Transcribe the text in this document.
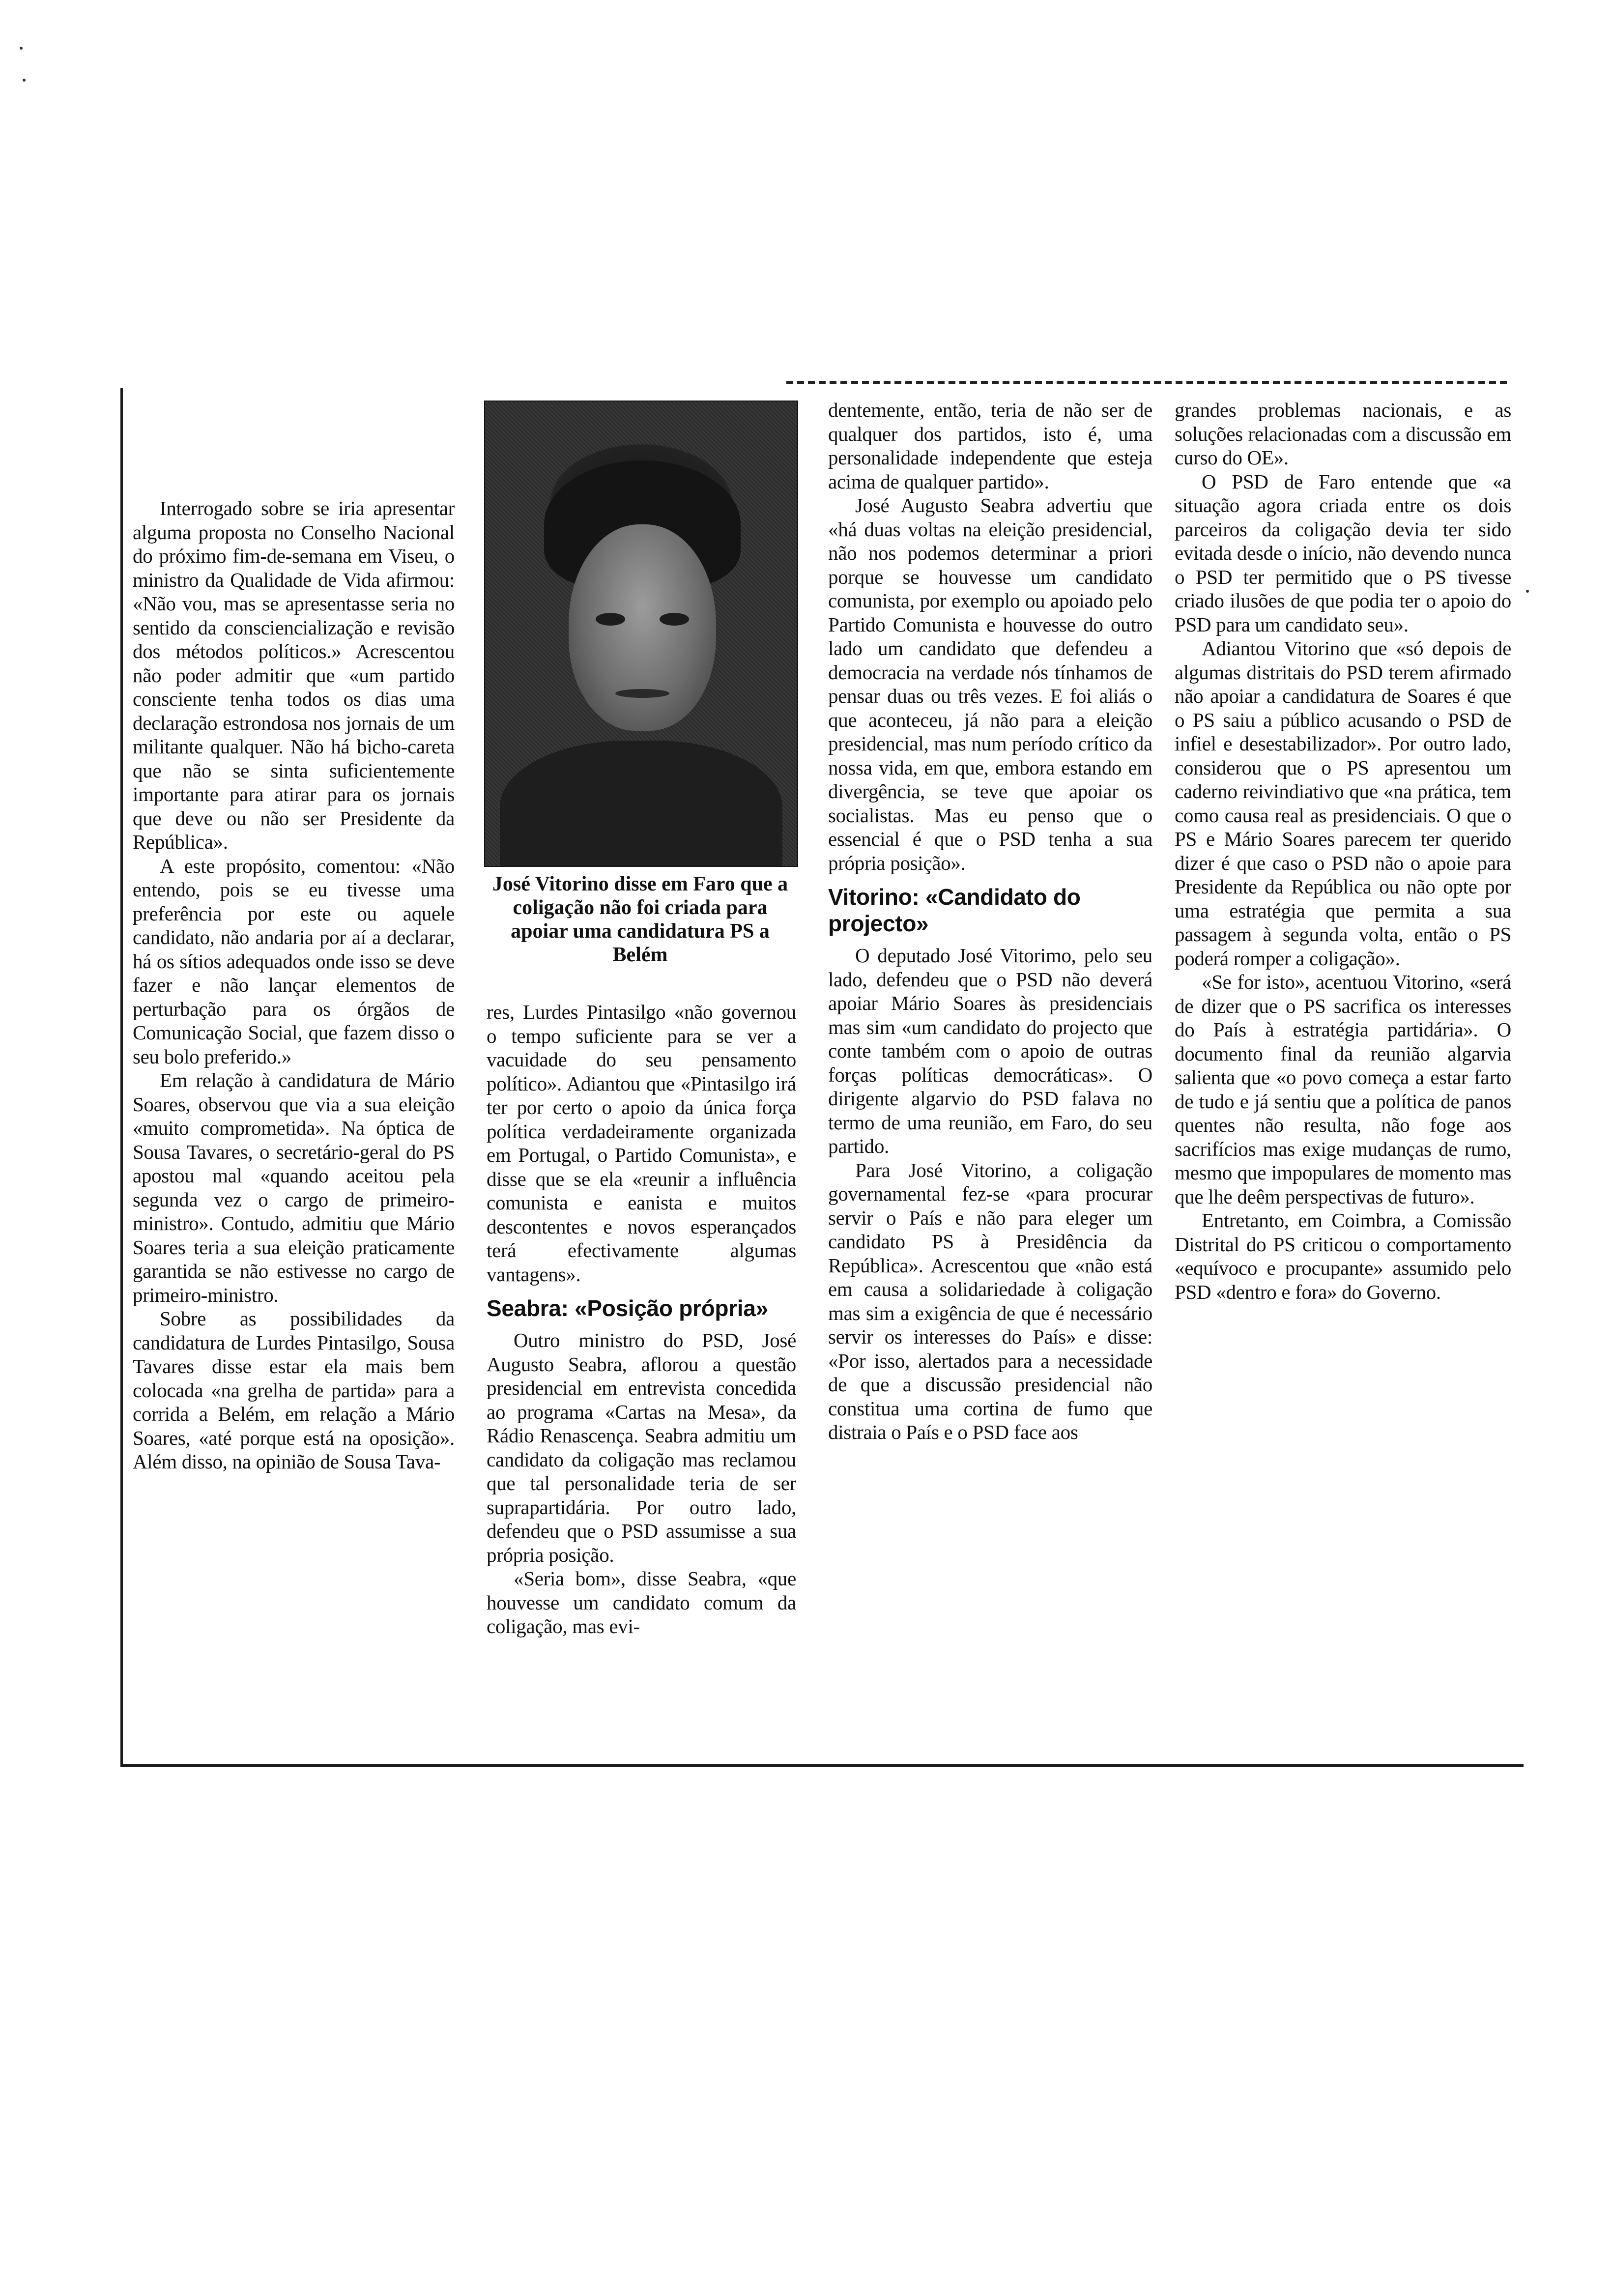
Interrogado sobre se iria apresentar alguma proposta no Conselho Nacional do próximo fim-de-semana em Viseu, o ministro da Qualidade de Vida afirmou: «Não vou, mas se apresentasse seria no sentido da consciencialização e revisão dos métodos políticos.» Acrescentou não poder admitir que «um partido consciente tenha todos os dias uma declaração estrondosa nos jornais de um militante qualquer. Não há bicho-careta que não se sinta suficientemente importante para atirar para os jornais que deve ou não ser Presidente da República».

A este propósito, comentou: «Não entendo, pois se eu tivesse uma preferência por este ou aquele candidato, não andaria por aí a declarar, há os sítios adequados onde isso se deve fazer e não lançar elementos de perturbação para os órgãos de Comunicação Social, que fazem disso o seu bolo preferido.»

Em relação à candidatura de Mário Soares, observou que via a sua eleição «muito comprometida». Na óptica de Sousa Tavares, o secretário-geral do PS apostou mal «quando aceitou pela segunda vez o cargo de primeiro-ministro». Contudo, admitiu que Mário Soares teria a sua eleição praticamente garantida se não estivesse no cargo de primeiro-ministro.

Sobre as possibilidades da candidatura de Lurdes Pintasilgo, Sousa Tavares disse estar ela mais bem colocada «na grelha de partida» para a corrida a Belém, em relação a Mário Soares, «até porque está na oposição». Além disso, na opinião de Sousa Tava-

José Vitorino disse em Faro que a coligação não foi criada para apoiar uma candidatura PS a Belém

res, Lurdes Pintasilgo «não governou o tempo suficiente para se ver a vacuidade do seu pensamento político». Adiantou que «Pintasilgo irá ter por certo o apoio da única força política verdadeiramente organizada em Portugal, o Partido Comunista», e disse que se ela «reunir a influência comunista e eanista e muitos descontentes e novos esperançados terá efectivamente algumas vantagens».

Seabra: «Posição própria»

Outro ministro do PSD, José Augusto Seabra, aflorou a questão presidencial em entrevista concedida ao programa «Cartas na Mesa», da Rádio Renascença. Seabra admitiu um candidato da coligação mas reclamou que tal personalidade teria de ser suprapartidária. Por outro lado, defendeu que o PSD assumisse a sua própria posição.

«Seria bom», disse Seabra, «que houvesse um candidato comum da coligação, mas evi-

dentemente, então, teria de não ser de qualquer dos partidos, isto é, uma personalidade independente que esteja acima de qualquer partido».

José Augusto Seabra advertiu que «há duas voltas na eleição presidencial, não nos podemos determinar a priori porque se houvesse um candidato comunista, por exemplo ou apoiado pelo Partido Comunista e houvesse do outro lado um candidato que defendeu a democracia na verdade nós tínhamos de pensar duas ou três vezes. E foi aliás o que aconteceu, já não para a eleição presidencial, mas num período crítico da nossa vida, em que, embora estando em divergência, se teve que apoiar os socialistas. Mas eu penso que o essencial é que o PSD tenha a sua própria posição».

Vitorino: «Candidato do projecto»

O deputado José Vitorimo, pelo seu lado, defendeu que o PSD não deverá apoiar Mário Soares às presidenciais mas sim «um candidato do projecto que conte também com o apoio de outras forças políticas democráticas». O dirigente algarvio do PSD falava no termo de uma reunião, em Faro, do seu partido.

Para José Vitorino, a coligação governamental fez-se «para procurar servir o País e não para eleger um candidato PS à Presidência da República». Acrescentou que «não está em causa a solidariedade à coligação mas sim a exigência de que é necessário servir os interesses do País» e disse: «Por isso, alertados para a necessidade de que a discussão presidencial não constitua uma cortina de fumo que distraia o País e o PSD face aos

grandes problemas nacionais, e as soluções relacionadas com a discussão em curso do OE».

O PSD de Faro entende que «a situação agora criada entre os dois parceiros da coligação devia ter sido evitada desde o início, não devendo nunca o PSD ter permitido que o PS tivesse criado ilusões de que podia ter o apoio do PSD para um candidato seu».

Adiantou Vitorino que «só depois de algumas distritais do PSD terem afirmado não apoiar a candidatura de Soares é que o PS saiu a público acusando o PSD de infiel e desestabilizador». Por outro lado, considerou que o PS apresentou um caderno reivindiativo que «na prática, tem como causa real as presidenciais. O que o PS e Mário Soares parecem ter querido dizer é que caso o PSD não o apoie para Presidente da República ou não opte por uma estratégia que permita a sua passagem à segunda volta, então o PS poderá romper a coligação».

«Se for isto», acentuou Vitorino, «será de dizer que o PS sacrifica os interesses do País à estratégia partidária». O documento final da reunião algarvia salienta que «o povo começa a estar farto de tudo e já sentiu que a política de panos quentes não resulta, não foge aos sacrifícios mas exige mudanças de rumo, mesmo que impopulares de momento mas que lhe deêm perspectivas de futuro».

Entretanto, em Coimbra, a Comissão Distrital do PS criticou o comportamento «equívoco e procupante» assumido pelo PSD «dentro e fora» do Governo.
